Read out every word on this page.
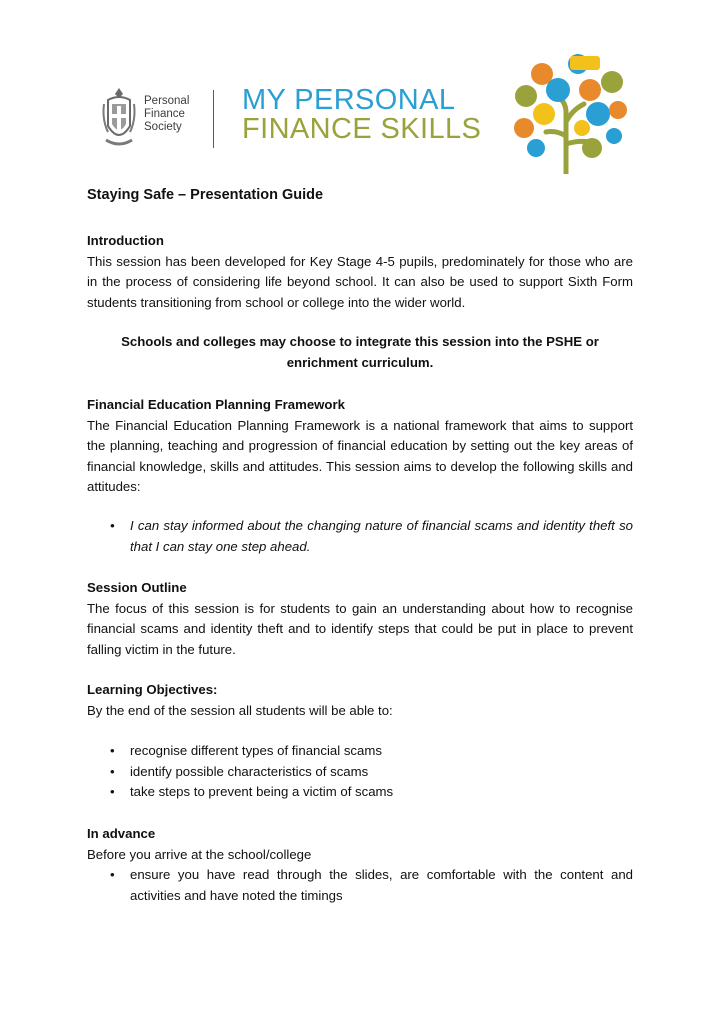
Personal
Finance
Society
MY PERSONAL
FINANCE SKILLS
Staying Safe – Presentation Guide

Introduction

This session has been developed for Key Stage 4-5 pupils, predominately for those who are in the process of considering life beyond school. It can also be used to support Sixth Form students transitioning from school or college into the wider world.

Schools and colleges may choose to integrate this session into the PSHE or enrichment curriculum.

Financial Education Planning Framework

The Financial Education Planning Framework is a national framework that aims to support the planning, teaching and progression of financial education by setting out the key areas of financial knowledge, skills and attitudes. This session aims to develop the following skills and attitudes:

• I can stay informed about the changing nature of financial scams and identity theft so that I can stay one step ahead.

Session Outline

The focus of this session is for students to gain an understanding about how to recognise financial scams and identity theft and to identify steps that could be put in place to prevent falling victim in the future.

Learning Objectives:

By the end of the session all students will be able to:

• recognise different types of financial scams
• identify possible characteristics of scams
• take steps to prevent being a victim of scams

In advance

Before you arrive at the school/college

• ensure you have read through the slides, are comfortable with the content and activities and have noted the timings
